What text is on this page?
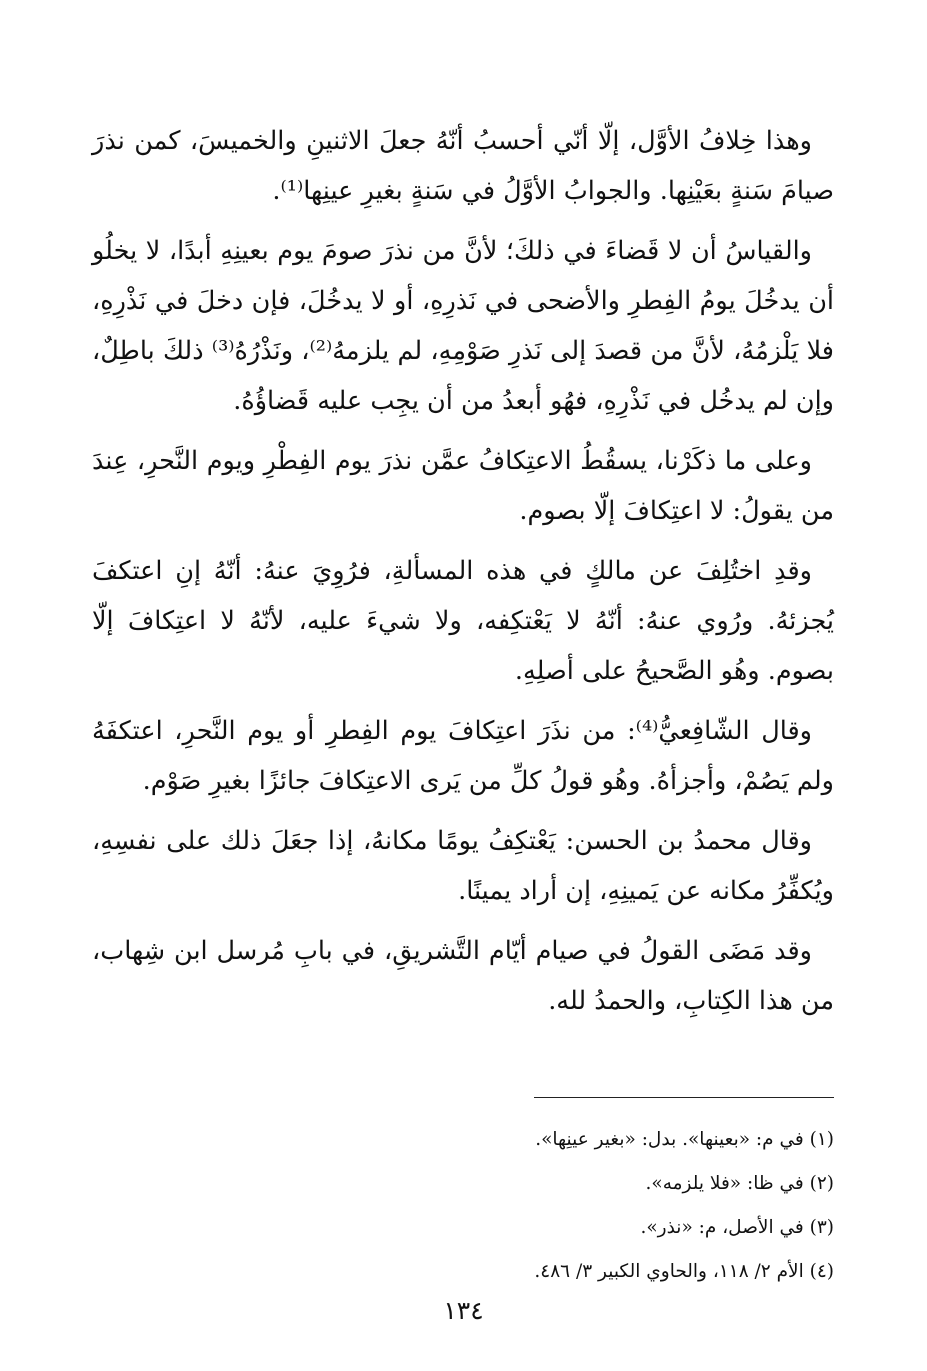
وهذا خِلافُ الأوَّل، إلّا أنّي أحسبُ أنّهُ جعلَ الاثنينِ والخميسَ، كمن نذرَ صيامَ سَنةٍ بعَيْنِها. والجوابُ الأوَّلُ في سَنةٍ بغيرِ عينِها⁽¹⁾.

والقياسُ أن لا قَضاءَ في ذلكَ؛ لأنَّ من نذرَ صومَ يوم بعينِهِ أبدًا، لا يخلُو أن يدخُلَ يومُ الفِطرِ والأضحى في نَذرِهِ، أو لا يدخُلَ، فإن دخلَ في نَذْرِهِ، فلا يَلْزمُهُ، لأنَّ من قصدَ إلى نَذرِ صَوْمِهِ، لم يلزمهُ⁽²⁾، ونَذْرُهُ⁽³⁾ ذلكَ باطِلٌ، وإن لم يدخُل في نَذْرِهِ، فهُو أبعدُ من أن يجِب عليه قَضاؤُهُ.

وعلى ما ذكَرْنا، يسقُطُ الاعتِكافُ عمَّن نذرَ يوم الفِطْرِ ويوم النَّحرِ، عِندَ من يقولُ: لا اعتِكافَ إلّا بصوم.

وقدِ اختُلِفَ عن مالكٍ في هذه المسألةِ، فرُوِيَ عنهُ: أنّهُ إنِ اعتكفَ يُجزئهُ. ورُوي عنهُ: أنّهُ لا يَعْتكِفه، ولا شيءَ عليه، لأنّهُ لا اعتِكافَ إلّا بصوم. وهُو الصَّحيحُ على أصلِهِ.

وقال الشّافِعيُّ⁽⁴⁾: من نذَرَ اعتِكافَ يوم الفِطرِ أو يوم النَّحرِ، اعتكفَهُ ولم يَصُمْ، وأجزأهُ. وهُو قولُ كلِّ من يَرى الاعتِكافَ جائزًا بغيرِ صَوْم.

وقال محمدُ بن الحسن: يَعْتكِفُ يومًا مكانهُ، إذا جعَلَ ذلك على نفسِهِ، ويُكفِّرُ مكانه عن يَمينِهِ، إن أراد يمينًا.

وقد مَضَى القولُ في صيام أيّام التَّشريقِ، في بابِ مُرسل ابن شِهاب، من هذا الكِتابِ، والحمدُ لله.

(١) في م: «بعينها». بدل: «بغير عينِها».

(٢) في ظا: «فلا يلزمه».

(٣) في الأصل، م: «نذر».

(٤) الأم ٢/ ١١٨، والحاوي الكبير ٣/ ٤٨٦.

١٣٤
